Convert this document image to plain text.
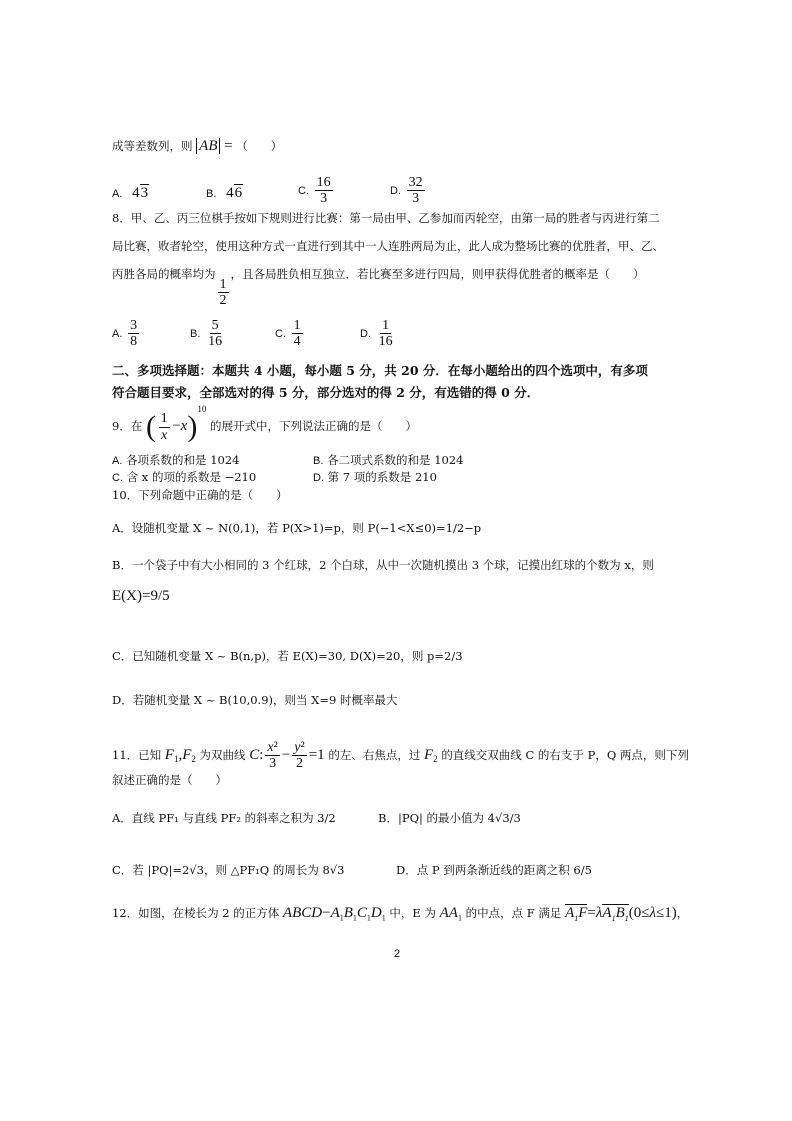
成等差数列，则 AB = （　　）
A. 43	B. 46	C. $\frac{16}{3}$	D. $\frac{32}{3}$
8．甲、乙、丙三位棋手按如下规则进行比赛：第一局由甲、乙参加而丙轮空，由第一局的胜者与丙进行第二
局比赛，败者轮空，使用这种方式一直进行到其中一人连胜两局为止，此人成为整场比赛的优胜者，甲、乙、
丙胜各局的概率均为
$\frac{1}{2}$
，且各局胜负相互独立．若比赛至多进行四局，则甲获得优胜者的概率是（　　）
A. $\frac{3}{8}$	B. $\frac{5}{16}$	C. $\frac{1}{4}$	D. $\frac{1}{16}$
二、多项选择题：本题共 4 小题，每小题 5 分，共 20 分．在每小题给出的四个选项中，有多项
符合题目要求，全部选对的得 5 分，部分选对的得 2 分，有选错的得 0 分．
9．在 ( $\frac{1}{x} -x)^{10}$ 的展开式中，下列说法正确的是（　　）
A. 各项系数的和是 1024	B. 各二项式系数的和是 1024
C. 含 x 的项的系数是 −210	D. 第 7 项的系数是 210
10．下列命题中正确的是（　　）
A．设随机变量 X ~ N(0,1)，若 P(X>1)=p，则 P(−1<X≤0)=1/2−p
B．一个袋子中有大小相同的 3 个红球，2 个白球，从中一次随机摸出 3 个球，记摸出红球的个数为 x，则
E(X)=9/5
C．已知随机变量 X ~ B(n,p)，若 E(X)=30, D(X)=20，则 p=2/3
D．若随机变量 X ~ B(10,0.9)，则当 X=9 时概率最大
11．已知 $F_1,F_2$ 为双曲线 C: $\frac{\text{x²}}{3} - \frac{\text{y²}}{2} =1$ 的左、右焦点，过 $F_2$ 的直线交双曲线 C 的右支于 P，Q 两点，则下列
叙述正确的是（　　）
A．直线 PF₁ 与直线 PF₂ 的斜率之积为 3/2	B．|PQ| 的最小值为 4√3/3
C．若 |PQ|=2√3，则 △PF₁Q 的周长为 8√3	D．点 P 到两条渐近线的距离之积 6/5
12．如图，在棱长为 2 的正方体 $ABCD-A_1B_1C_1D_1$ 中，E 为 $AA_1$ 的中点，点 F 满足 $A_1F=\lambda A_1B_1(0\le\lambda\le 1)$，
2
